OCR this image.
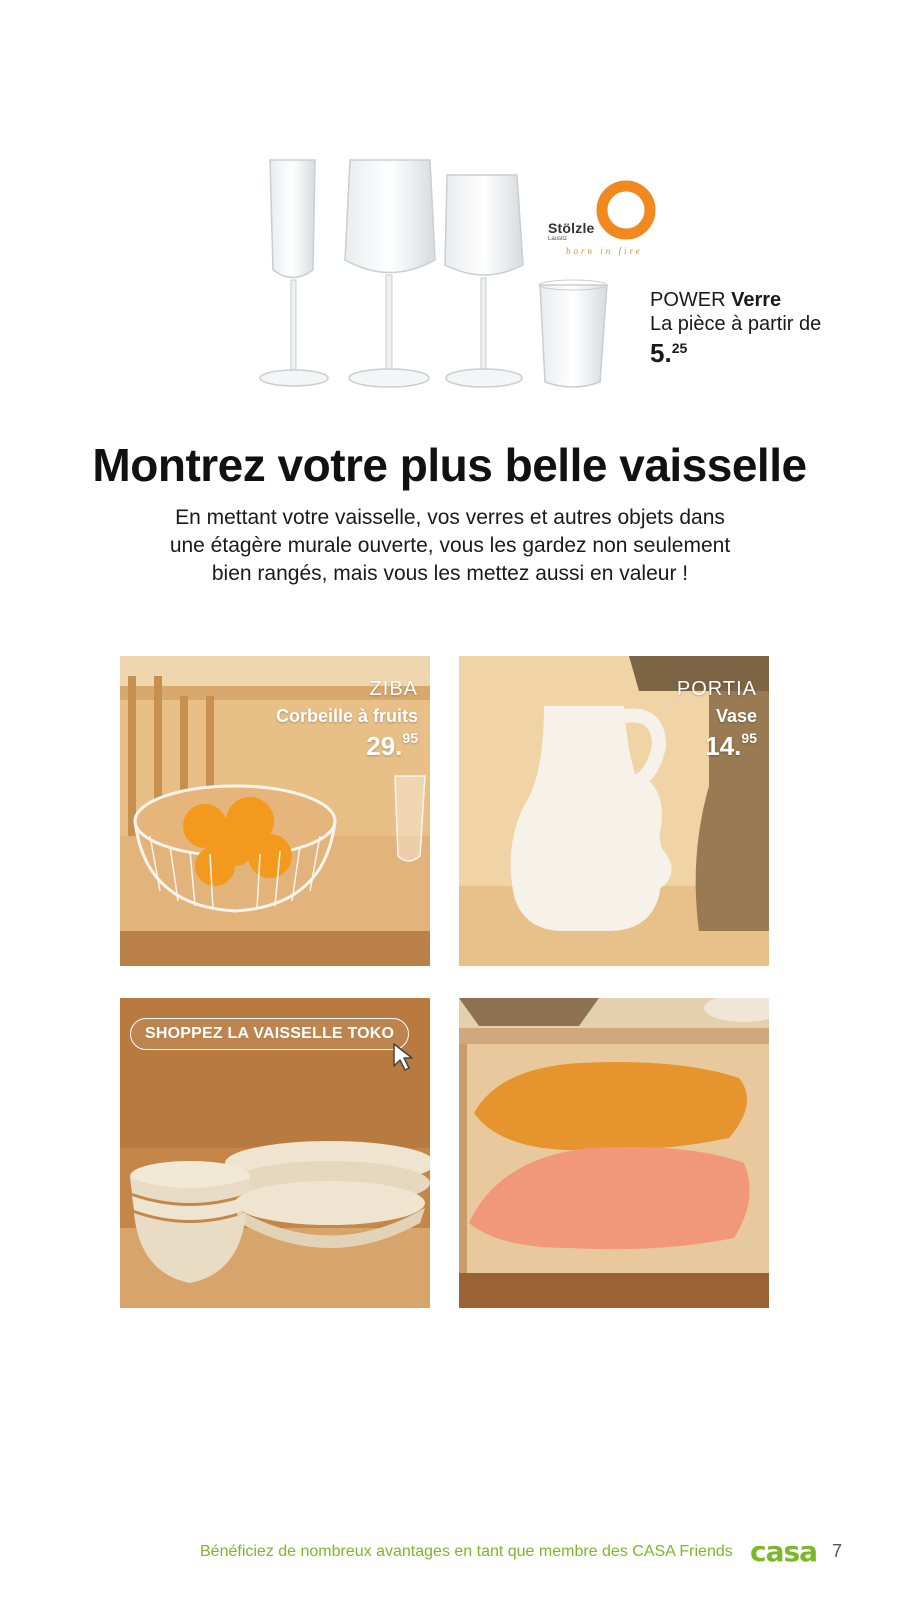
Stölzle
Lausitz
born in fire
POWER Verre
La pièce à partir de
5.25
Montrez votre plus belle vaisselle
En mettant votre vaisselle, vos verres et autres objets dans
une étagère murale ouverte, vous les gardez non seulement
bien rangés, mais vous les mettez aussi en valeur !
ZIBA
Corbeille à fruits
29.95
PORTIA
Vase
14.95
SHOPPEZ LA VAISSELLE TOKO
Bénéficiez de nombreux avantages en tant que membre des CASA Friends casa 7
